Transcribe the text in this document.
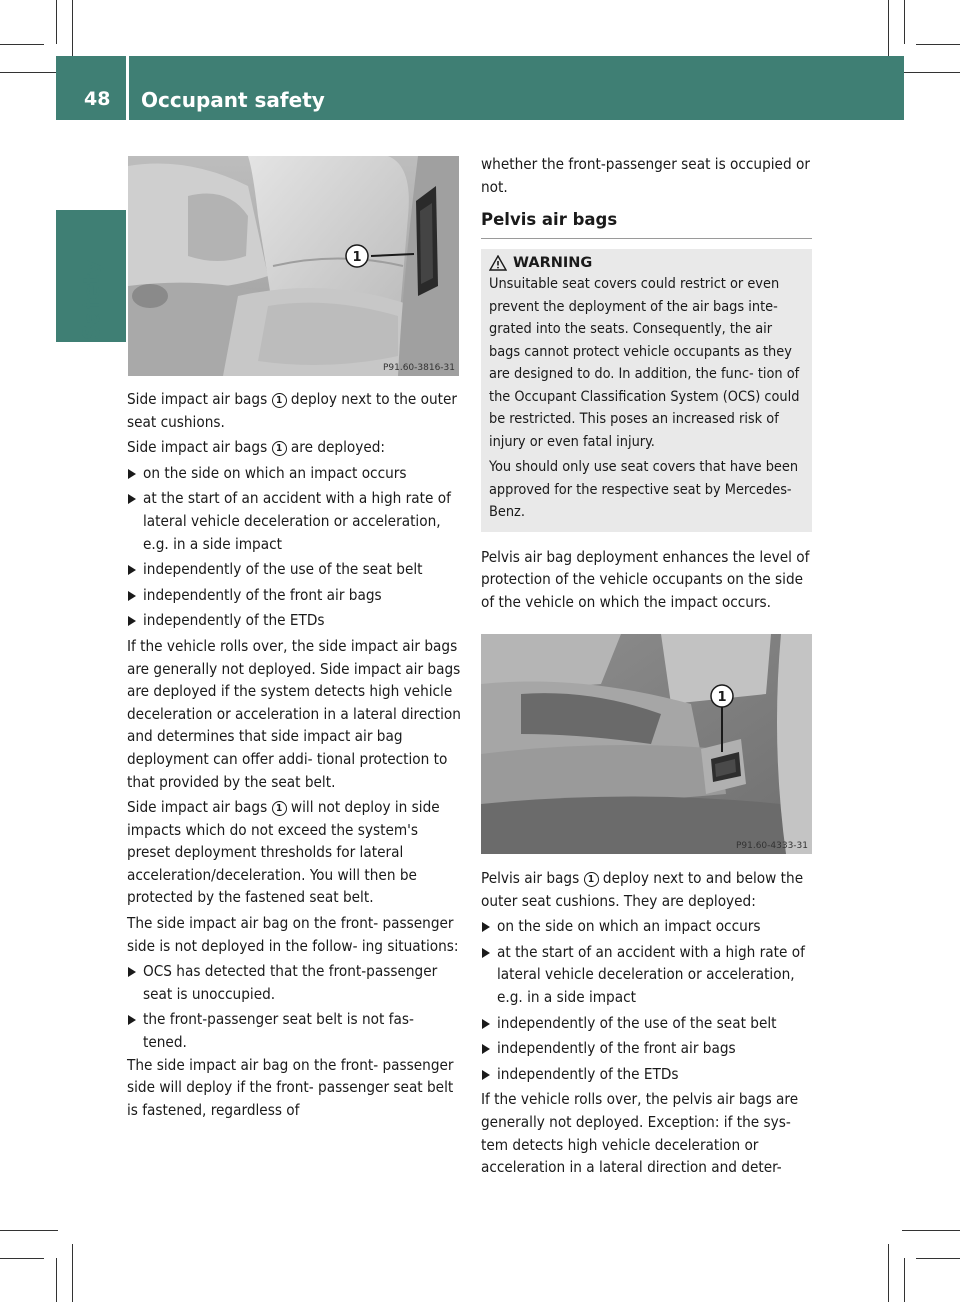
48 Occupant safety
Safety
1
P91.60-3816-31

Side impact air bags 1 deploy next to the outer seat cushions.

Side impact air bags 1 are deployed:

on the side on which an impact occurs
at the start of an accident with a high rate of lateral vehicle deceleration or acceleration, e.g. in a side impact
independently of the use of the seat belt
independently of the front air bags
independently of the ETDs

If the vehicle rolls over, the side impact air bags are generally not deployed. Side impact air bags are deployed if the system detects high vehicle deceleration or acceleration in a lateral direction and determines that side impact air bag deployment can offer addi- tional protection to that provided by the seat belt.

Side impact air bags 1 will not deploy in side impacts which do not exceed the system's preset deployment thresholds for lateral acceleration/deceleration. You will then be protected by the fastened seat belt.

The side impact air bag on the front- passenger side is not deployed in the follow- ing situations:

OCS has detected that the front-passenger seat is unoccupied.
the front-passenger seat belt is not fas- tened.

The side impact air bag on the front- passenger side will deploy if the front- passenger seat belt is fastened, regardless of

whether the front-passenger seat is occupied or not.

Pelvis air bags

WARNING

Unsuitable seat covers could restrict or even prevent the deployment of the air bags inte- grated into the seats. Consequently, the air bags cannot protect vehicle occupants as they are designed to do. In addition, the func- tion of the Occupant Classification System (OCS) could be restricted. This poses an increased risk of injury or even fatal injury.

You should only use seat covers that have been approved for the respective seat by Mercedes-Benz.

Pelvis air bag deployment enhances the level of protection of the vehicle occupants on the side of the vehicle on which the impact occurs.

1
P91.60-4333-31

Pelvis air bags 1 deploy next to and below the outer seat cushions. They are deployed:

on the side on which an impact occurs
at the start of an accident with a high rate of lateral vehicle deceleration or acceleration, e.g. in a side impact
independently of the use of the seat belt
independently of the front air bags
independently of the ETDs

If the vehicle rolls over, the pelvis air bags are generally not deployed. Exception: if the sys- tem detects high vehicle deceleration or acceleration in a lateral direction and deter-
